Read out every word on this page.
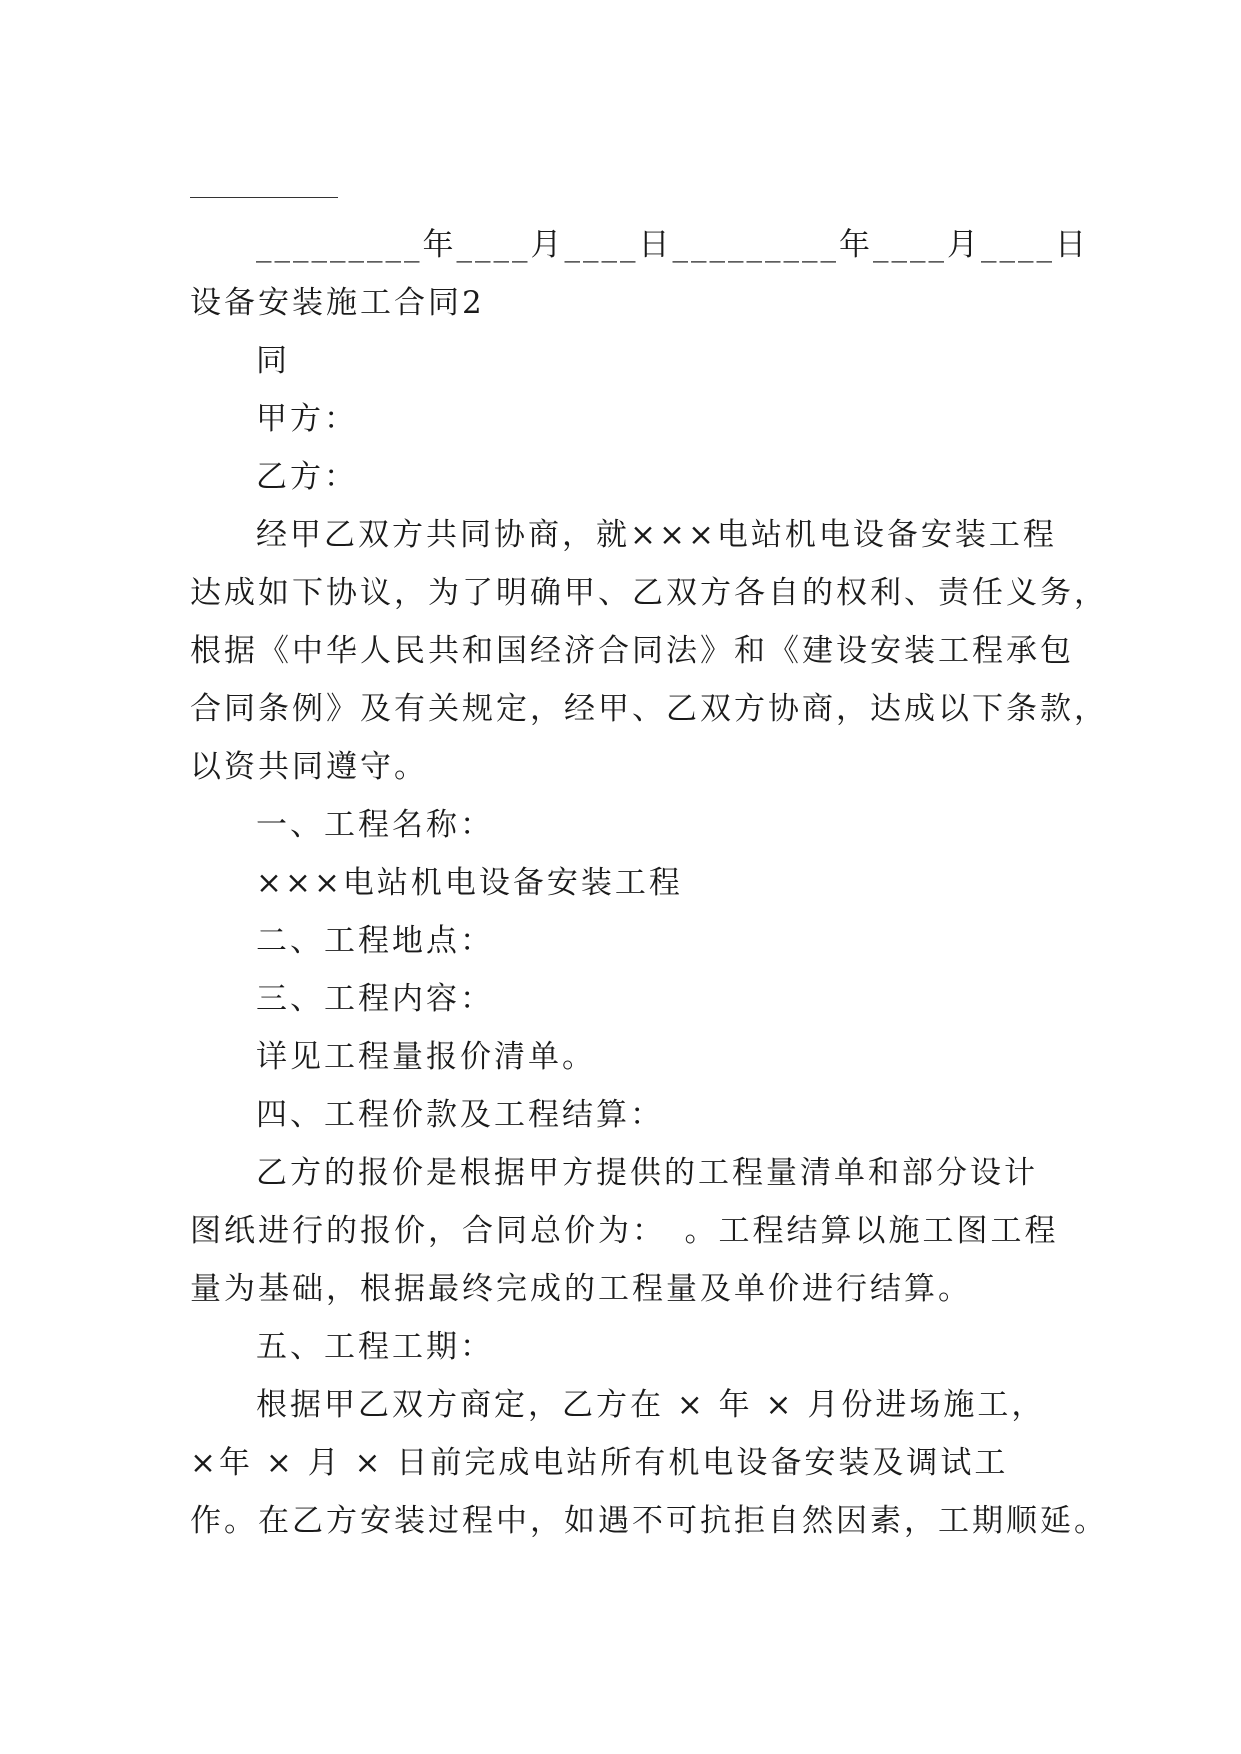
_________年____月____日_________年____月____日
设备安装施工合同2
同
甲方：
乙方：
经甲乙双方共同协商，就×××电站机电设备安装工程
达成如下协议，为了明确甲、乙双方各自的权利、责任义务，
根据《中华人民共和国经济合同法》和《建设安装工程承包
合同条例》及有关规定，经甲、乙双方协商，达成以下条款，
以资共同遵守。
一、工程名称：
×××电站机电设备安装工程
二、工程地点：
三、工程内容：
详见工程量报价清单。
四、工程价款及工程结算：
乙方的报价是根据甲方提供的工程量清单和部分设计
图纸进行的报价，合同总价为：　。工程结算以施工图工程
量为基础，根据最终完成的工程量及单价进行结算。
五、工程工期：
根据甲乙双方商定，乙方在 × 年 × 月份进场施工，
×年 × 月 × 日前完成电站所有机电设备安装及调试工
作。在乙方安装过程中，如遇不可抗拒自然因素，工期顺延。
